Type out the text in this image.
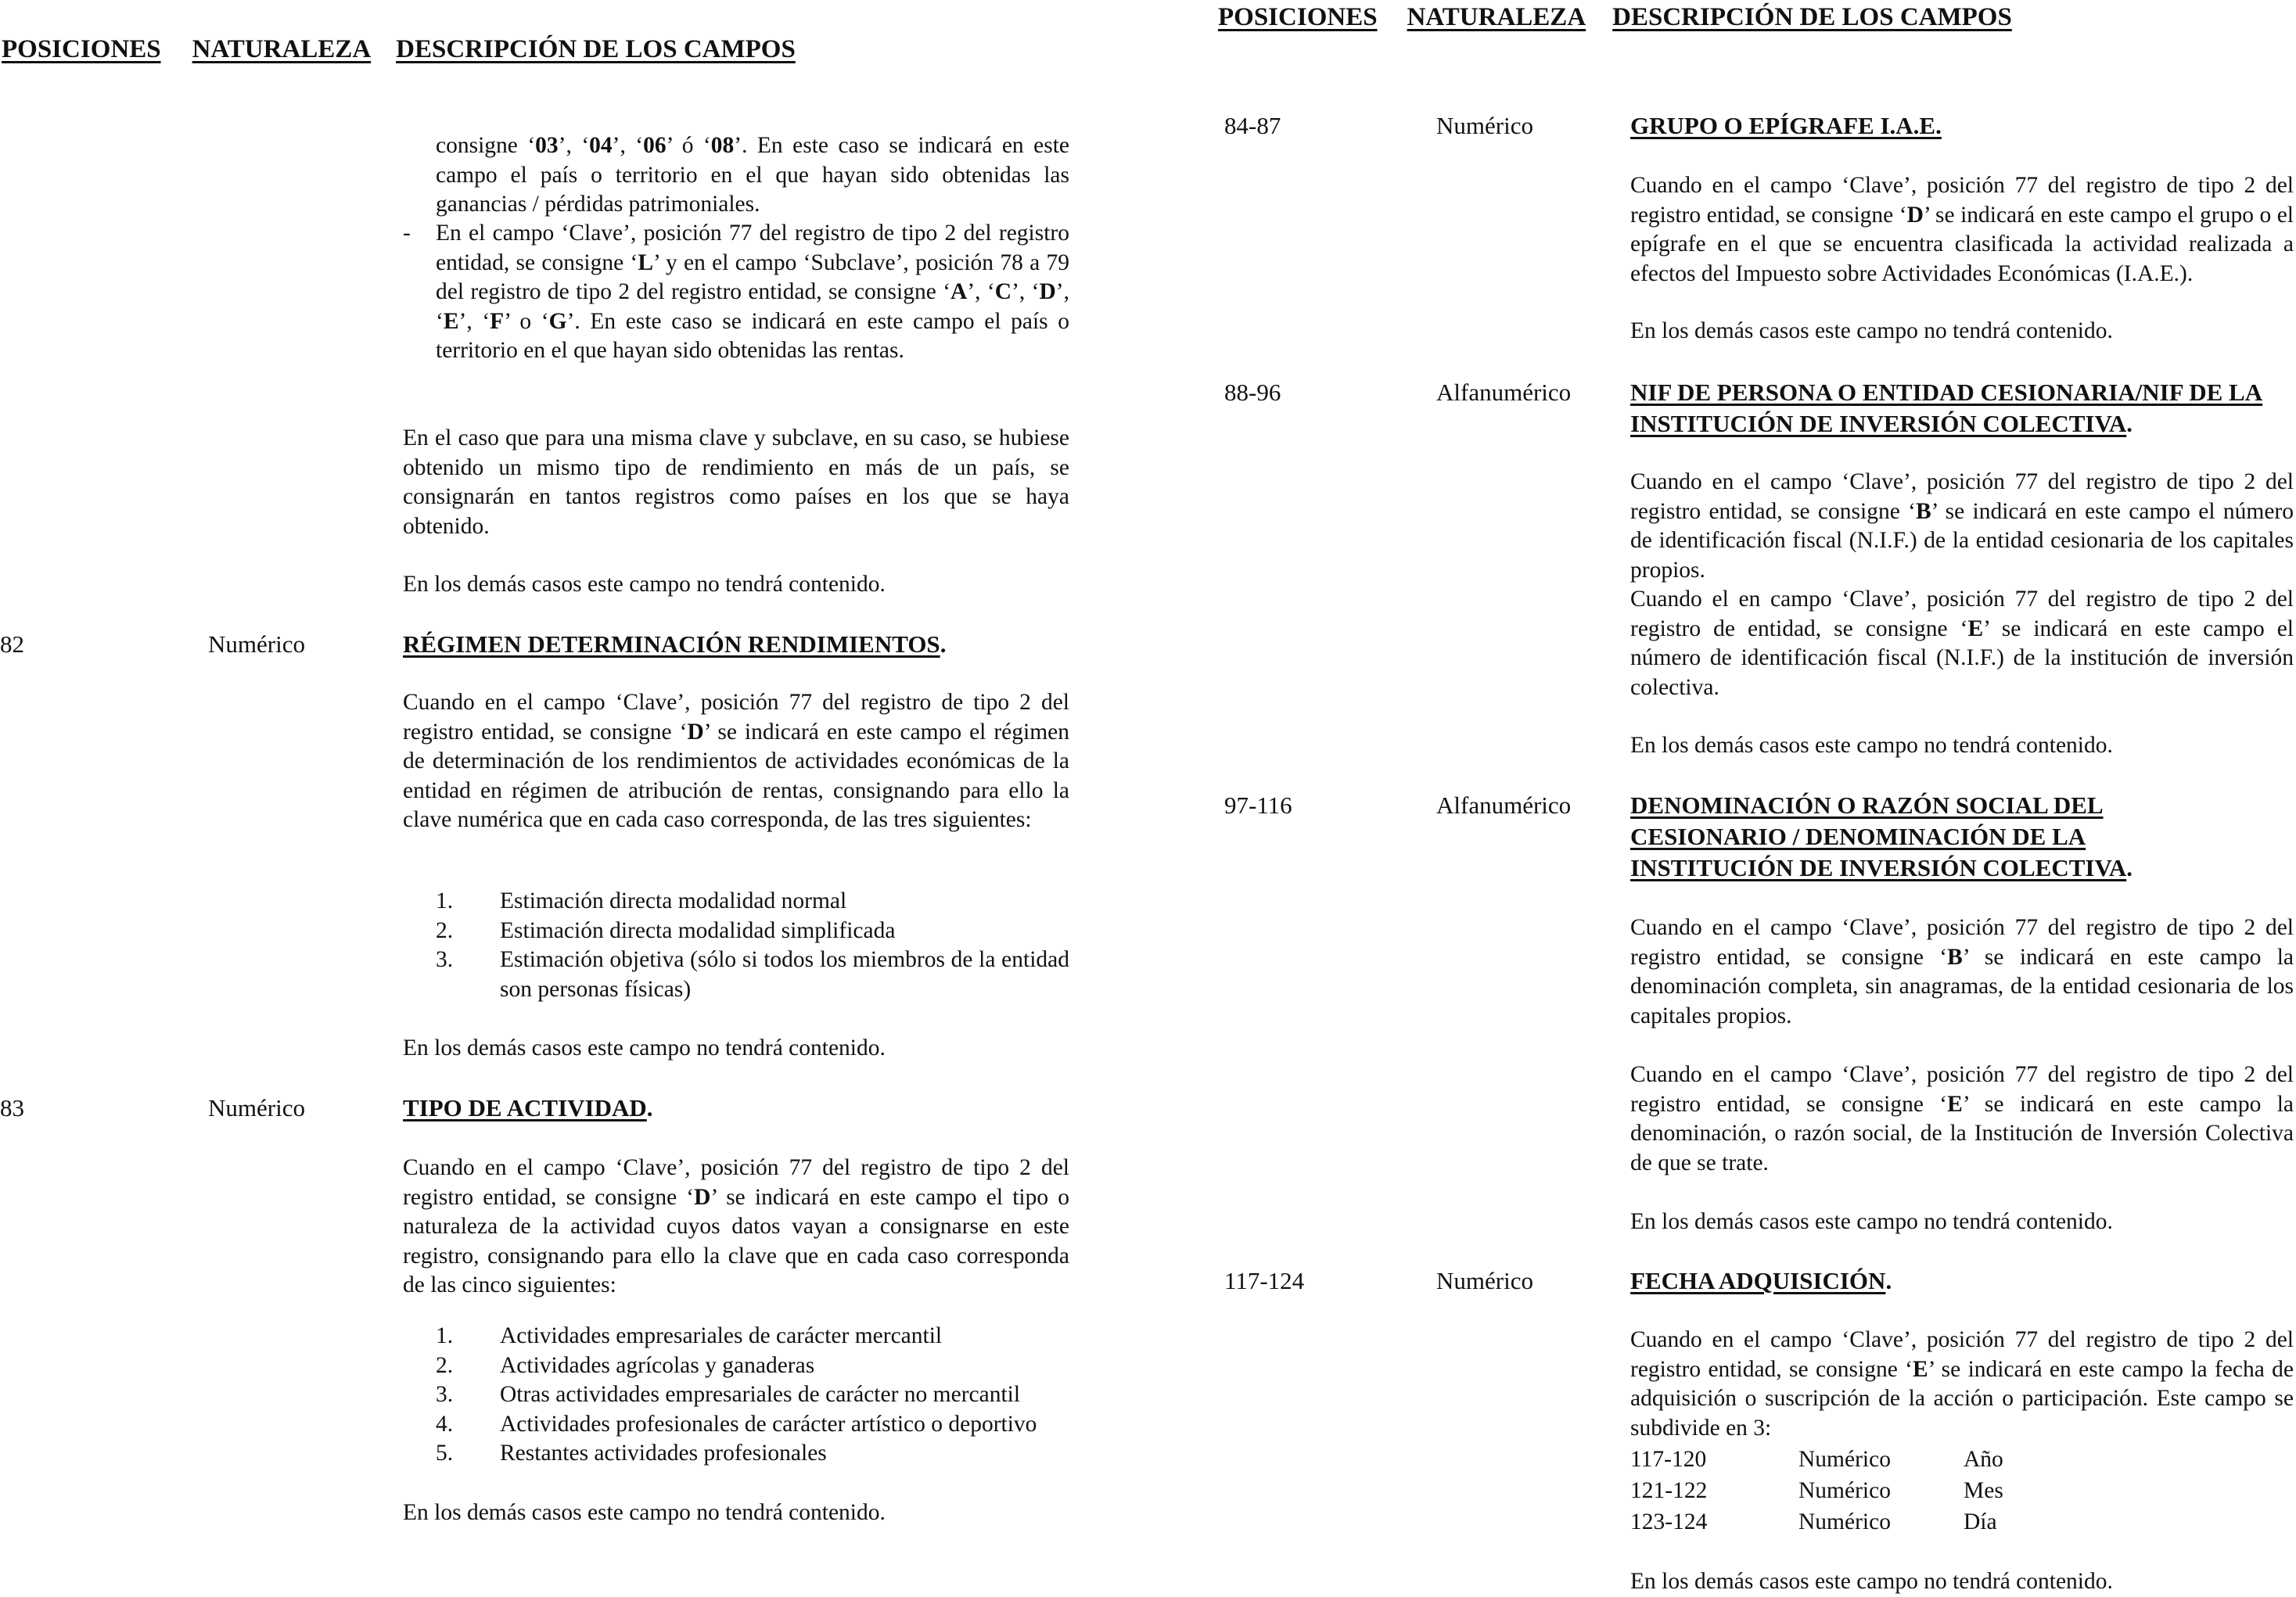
POSICIONES NATURALEZA DESCRIPCIÓN DE LOS CAMPOS
POSICIONES NATURALEZA DESCRIPCIÓN DE LOS CAMPOS

consigne ‘03’, ‘04’, ‘06’ ó ‘08’. En este caso se indicará en este campo el país o territorio en el que hayan sido obtenidas las ganancias / pérdidas patrimoniales.

- En el campo ‘Clave’, posición 77 del registro de tipo 2 del registro entidad, se consigne ‘L’ y en el campo ‘Subclave’, posición 78 a 79 del registro de tipo 2 del registro entidad, se consigne ‘A’, ‘C’, ‘D’, ‘E’, ‘F’ o ‘G’. En este caso se indicará en este campo el país o territorio en el que hayan sido obtenidas las rentas.

En el caso que para una misma clave y subclave, en su caso, se hubiese obtenido un mismo tipo de rendimiento en más de un país, se consignarán en tantos registros como países en los que se haya obtenido.

En los demás casos este campo no tendrá contenido.

82	Numérico	RÉGIMEN DETERMINACIÓN RENDIMIENTOS.

Cuando en el campo ‘Clave’, posición 77 del registro de tipo 2 del registro entidad, se consigne ‘D’ se indicará en este campo el régimen de determinación de los rendimientos de actividades económicas de la entidad en régimen de atribución de rentas, consignando para ello la clave numérica que en cada caso corresponda, de las tres siguientes:

1.	Estimación directa modalidad normal
2.	Estimación directa modalidad simplificada
3.	Estimación objetiva (sólo si todos los miembros de la entidad son personas físicas)

En los demás casos este campo no tendrá contenido.

83	Numérico	TIPO DE ACTIVIDAD.

Cuando en el campo ‘Clave’, posición 77 del registro de tipo 2 del registro entidad, se consigne ‘D’ se indicará en este campo el tipo o naturaleza de la actividad cuyos datos vayan a consignarse en este registro, consignando para ello la clave que en cada caso corresponda de las cinco siguientes:

1.	Actividades empresariales de carácter mercantil
2.	Actividades agrícolas y ganaderas
3.	Otras actividades empresariales de carácter no mercantil
4.	Actividades profesionales de carácter artístico o deportivo
5.	Restantes actividades profesionales

En los demás casos este campo no tendrá contenido.

84-87	Numérico	GRUPO O EPÍGRAFE I.A.E.

Cuando en el campo ‘Clave’, posición 77 del registro de tipo 2 del registro entidad, se consigne ‘D’ se indicará en este campo el grupo o el epígrafe en el que se encuentra clasificada la actividad realizada a efectos del Impuesto sobre Actividades Económicas (I.A.E.).

En los demás casos este campo no tendrá contenido.

88-96	Alfanumérico NIF DE PERSONA O ENTIDAD CESIONARIA/NIF DE LA INSTITUCIÓN DE INVERSIÓN COLECTIVA.

Cuando en el campo ‘Clave’, posición 77 del registro de tipo 2 del registro entidad, se consigne ‘B’ se indicará en este campo el número de identificación fiscal (N.I.F.) de la entidad cesionaria de los capitales propios.

Cuando el en campo ‘Clave’, posición 77 del registro de tipo 2 del registro de entidad, se consigne ‘E’ se indicará en este campo el número de identificación fiscal (N.I.F.) de la institución de inversión colectiva.

En los demás casos este campo no tendrá contenido.

97-116	Alfanumérico DENOMINACIÓN O RAZÓN SOCIAL DEL CESIONARIO / DENOMINACIÓN DE LA INSTITUCIÓN DE INVERSIÓN COLECTIVA.

Cuando en el campo ‘Clave’, posición 77 del registro de tipo 2 del registro entidad, se consigne ‘B’ se indicará en este campo la denominación completa, sin anagramas, de la entidad cesionaria de los capitales propios.

Cuando en el campo ‘Clave’, posición 77 del registro de tipo 2 del registro entidad, se consigne ‘E’ se indicará en este campo la denominación, o razón social, de la Institución de Inversión Colectiva de que se trate.

En los demás casos este campo no tendrá contenido.

117-124	Numérico	FECHA ADQUISICIÓN.

Cuando en el campo ‘Clave’, posición 77 del registro de tipo 2 del registro entidad, se consigne ‘E’ se indicará en este campo la fecha de adquisición o suscripción de la acción o participación. Este campo se subdivide en 3:

117-120	Numérico	Año
121-122	Numérico	Mes
123-124	Numérico	Día

En los demás casos este campo no tendrá contenido.
